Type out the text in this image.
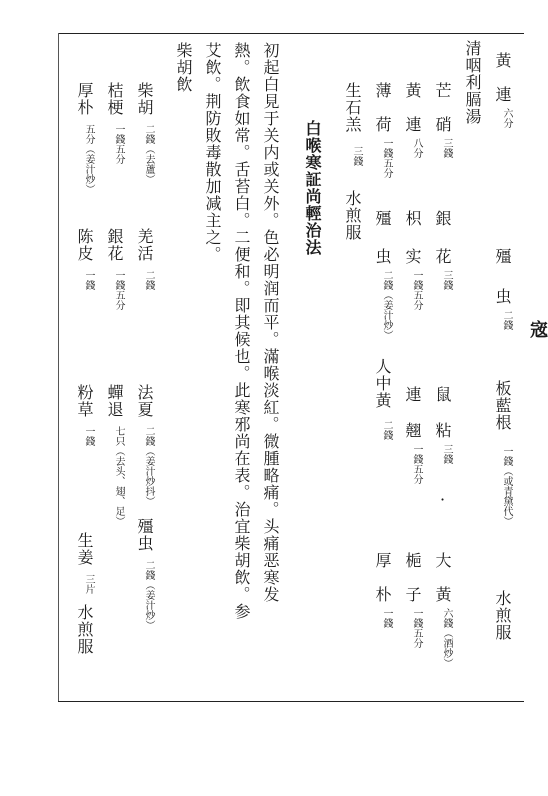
宼
黃
連
六分
殭
虫
二錢
板藍根
一錢（或青黛代）
水煎服
清咽利膈湯
芒
硝
三錢
銀
花
三錢
鼠
粘
三錢
·
大
黃
六錢（酒炒）
黃
連
八分
枳
实
一錢五分
連
翹
一錢五分
梔
子
一錢五分
薄
荷
一錢五分
殭
虫
二錢（姜汁炒）
人中黃
二錢
厚
朴
一錢
生石羔
三錢
水煎服
白喉寒証尚輕治法
初起白見于关内或关外。色必明润而平。滿喉淡紅。微腫略痛。头痛恶寒发
熱。飲食如常。舌苔白。二便和。即其候也。此寒邪尚在表。治宜柴胡飲。参
艾飲。荆防敗毒散加减主之。
柴胡飲
柴胡
二錢（去蘆）
羌活
二錢
法夏
二錢（姜汁炒抖）
殭虫
二錢（姜汁炒）
桔梗
一錢五分
銀花
一錢五分
蟬退
七只（去头、翅、足）
厚朴
五分（姜汁炒）
陈皮
一錢
粉草
一錢
生姜
三片
水煎服
